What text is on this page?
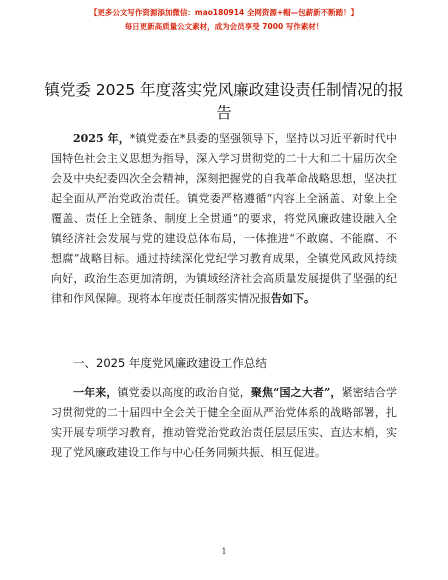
【更多公文写作资源添加微信：mao180914 全网资源+帽—包薪新不断踏！】
每日更新高质量公文素材，成为会员享受 7000 写作素材！
镇党委 2025 年度落实党风廉政建设责任制情况的报告
2025 年，*镇党委在*县委的坚强领导下，坚持以习近平新时代中国特色社会主义思想为指导，深入学习贯彻党的二十大和二十届历次全会及中央纪委四次全会精神，深刻把握党的自我革命战略思想，坚决扛起全面从严治党政治责任。镇党委严格遵循“内容上全涵盖、对象上全覆盖、责任上全链条、制度上全贯通”的要求，将党风廉政建设融入全镇经济社会发展与党的建设总体布局，一体推进“不敢腐、不能腐、不想腐”战略目标。通过持续深化党纪学习教育成果，全镇党风政风持续向好，政治生态更加清朗，为镇域经济社会高质量发展提供了坚强的纪律和作风保障。现将本年度责任制落实情况报告如下。
一、2025 年度党风廉政建设工作总结
一年来，镇党委以高度的政治自觉，聚焦“国之大者”，紧密结合学习贯彻党的二十届四中全会关于健全全面从严治党体系的战略部署，扎实开展专项学习教育，推动管党治党政治责任层层压实、直达末梢，实现了党风廉政建设工作与中心任务同频共振、相互促进。
1
